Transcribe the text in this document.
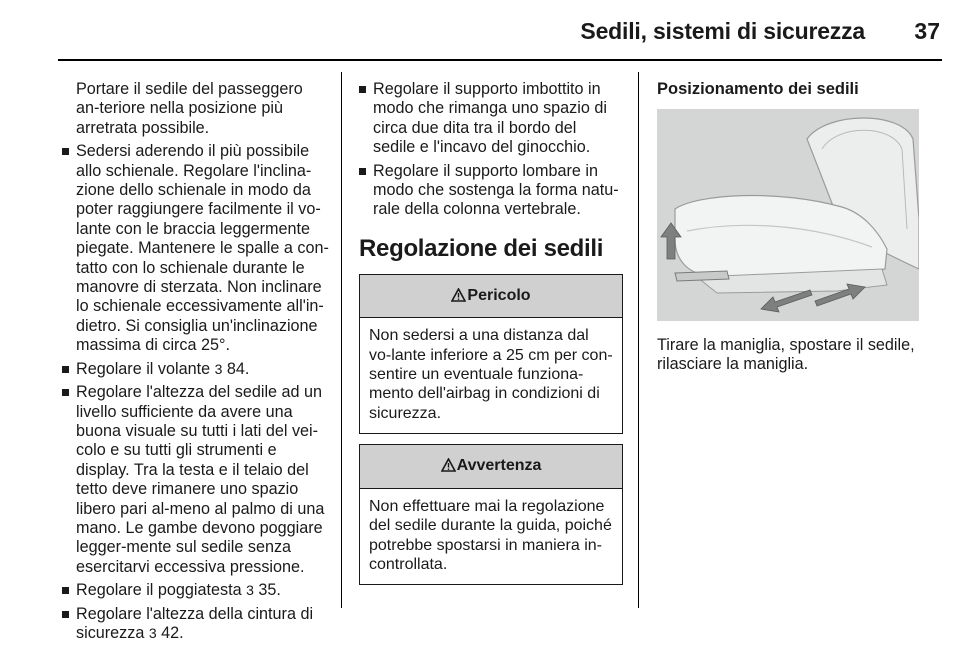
Sedili, sistemi di sicurezza	37

Portare il sedile del passeggero an-teriore nella posizione più arretrata possibile.

Sedersi aderendo il più possibile allo schienale. Regolare l'inclina-zione dello schienale in modo da poter raggiungere facilmente il vo-lante con le braccia leggermente piegate. Mantenere le spalle a con-tatto con lo schienale durante le manovre di sterzata. Non inclinare lo schienale eccessivamente all'in-dietro. Si consiglia un'inclinazione massima di circa 25°.
Regolare il volante 3 84.
Regolare l'altezza del sedile ad un livello sufficiente da avere una buona visuale su tutti i lati del vei-colo e su tutti gli strumenti e display. Tra la testa e il telaio del tetto deve rimanere uno spazio libero pari al-meno al palmo di una mano. Le gambe devono poggiare legger-mente sul sedile senza esercitarvi eccessiva pressione.
Regolare il poggiatesta 3 35.
Regolare l'altezza della cintura di sicurezza 3 42.
Regolare il supporto imbottito in modo che rimanga uno spazio di circa due dita tra il bordo del sedile e l'incavo del ginocchio.
Regolare il supporto lombare in modo che sostenga la forma natu-rale della colonna vertebrale.
Regolazione dei sedili
Pericolo
Non sedersi a una distanza dal vo-lante inferiore a 25 cm per con-sentire un eventuale funziona-mento dell'airbag in condizioni di sicurezza.
Avvertenza
Non effettuare mai la regolazione del sedile durante la guida, poiché potrebbe spostarsi in maniera in-controllata.
Posizionamento dei sedili

Tirare la maniglia, spostare il sedile, rilasciare la maniglia.
